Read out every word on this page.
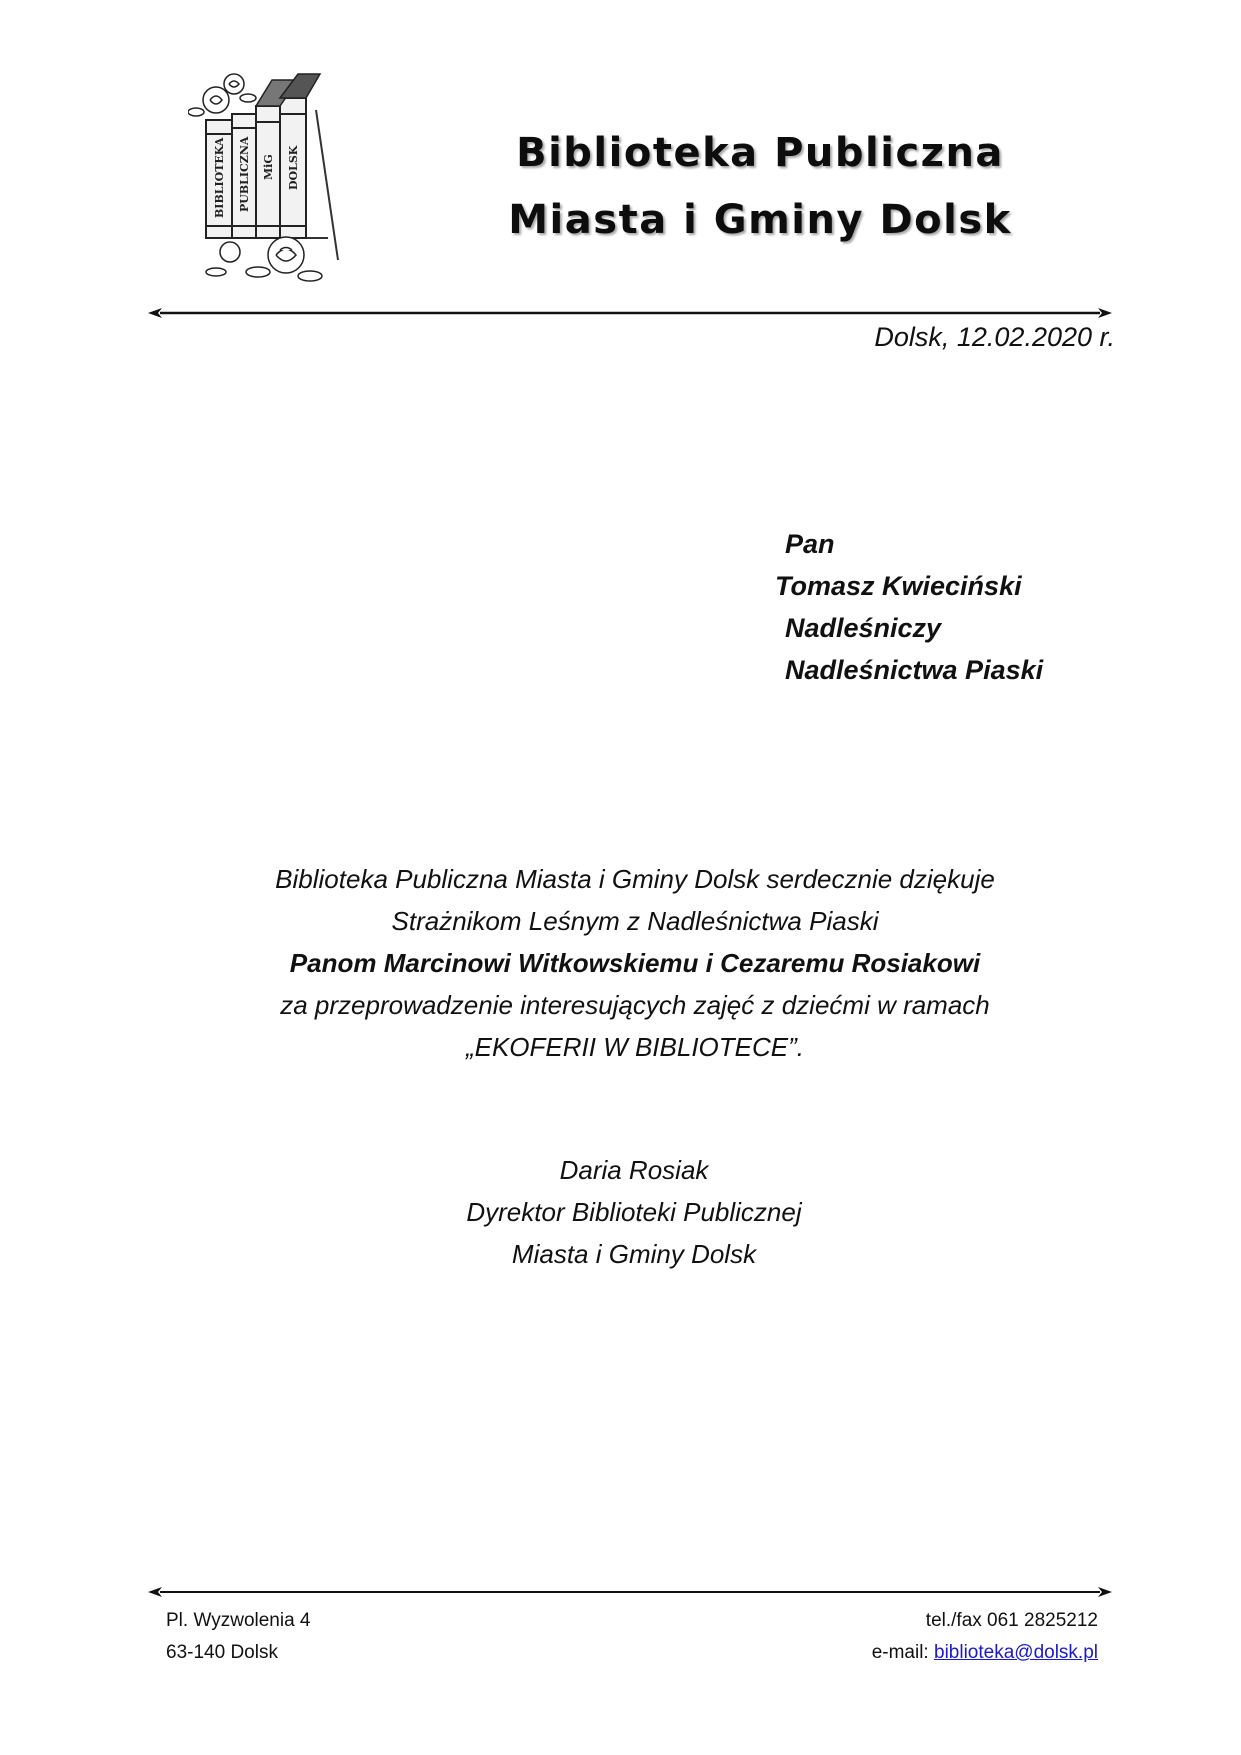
BIBLIOTEKA PUBLICZNA MiG DOLSK	Biblioteka Publiczna
Miasta i Gminy Dolsk
Dolsk, 12.02.2020 r.
Pan
Tomasz Kwieciński
Nadleśniczy
Nadleśnictwa Piaski
Biblioteka Publiczna Miasta i Gminy Dolsk serdecznie dziękuje
Strażnikom Leśnym z Nadleśnictwa Piaski
Panom Marcinowi Witkowskiemu i Cezaremu Rosiakowi
za przeprowadzenie interesujących zajęć z dziećmi w ramach
„EKOFERII W BIBLIOTECE”.
Daria Rosiak
Dyrektor Biblioteki Publicznej
Miasta i Gminy Dolsk
Pl. Wyzwolenia 4
63-140 Dolsk
tel./fax 061 2825212
e-mail: biblioteka@dolsk.pl
